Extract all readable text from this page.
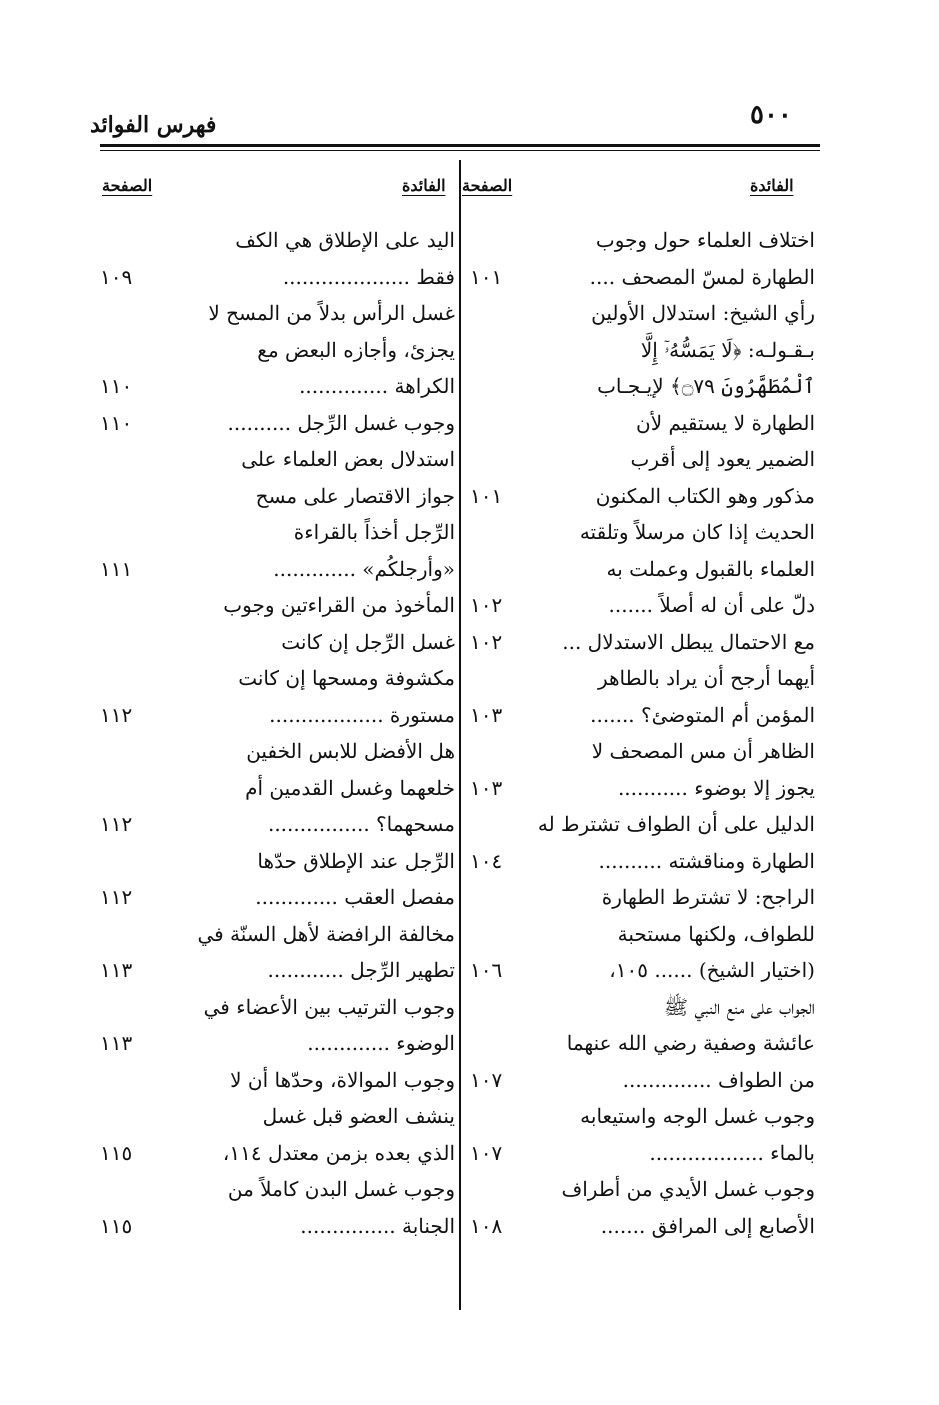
٥٠٠
فهرس الفوائد
الفائدة
الصفحة
الفائدة
الصفحة
اختلاف العلماء حول وجوب
الطهارة لمسّ المصحف ....
١٠١
رأي الشيخ: استدلال الأولين
بـقـولـه: ﴿لَا يَمَسُّهُۥٓ إِلَّا
ٱلْمُطَهَّرُونَ ۝٧٩﴾ لإيـجـاب
الطهارة لا يستقيم لأن
الضمير يعود إلى أقرب
مذكور وهو الكتاب المكنون
١٠١
الحديث إذا كان مرسلاً وتلقته
العلماء بالقبول وعملت به
دلّ على أن له أصلاً .......
١٠٢
مع الاحتمال يبطل الاستدلال ...
١٠٢
أيهما أرجح أن يراد بالطاهر
المؤمن أم المتوضئ؟ .......
١٠٣
الظاهر أن مس المصحف لا
يجوز إلا بوضوء ...........
١٠٣
الدليل على أن الطواف تشترط له
الطهارة ومناقشته ..........
١٠٤
الراجح: لا تشترط الطهارة
للطواف، ولكنها مستحبة
(اختيار الشيخ) ...... ١٠٥،
١٠٦
الجواب على منع النبي ﷺ
عائشة وصفية رضي الله عنهما
من الطواف ..............
١٠٧
وجوب غسل الوجه واستيعابه
بالماء ..................
١٠٧
وجوب غسل الأيدي من أطراف
الأصابع إلى المرافق .......
١٠٨
اليد على الإطلاق هي الكف
فقط ....................
١٠٩
غسل الرأس بدلاً من المسح لا
يجزئ، وأجازه البعض مع
الكراهة ..............
١١٠
وجوب غسل الرِّجل ..........
١١٠
استدلال بعض العلماء على
جواز الاقتصار على مسح
الرِّجل أخذاً بالقراءة
«وأرجلكُم» .............
١١١
المأخوذ من القراءتين وجوب
غسل الرِّجل إن كانت
مكشوفة ومسحها إن كانت
مستورة ..................
١١٢
هل الأفضل للابس الخفين
خلعهما وغسل القدمين أم
مسحهما؟ ................
١١٢
الرِّجل عند الإطلاق حدّها
مفصل العقب .............
١١٢
مخالفة الرافضة لأهل السنّة في
تطهير الرِّجل ............
١١٣
وجوب الترتيب بين الأعضاء في
الوضوء .............
١١٣
وجوب الموالاة، وحدّها أن لا
ينشف العضو قبل غسل
الذي بعده بزمن معتدل ١١٤،
١١٥
وجوب غسل البدن كاملاً من
الجنابة ...............
١١٥
